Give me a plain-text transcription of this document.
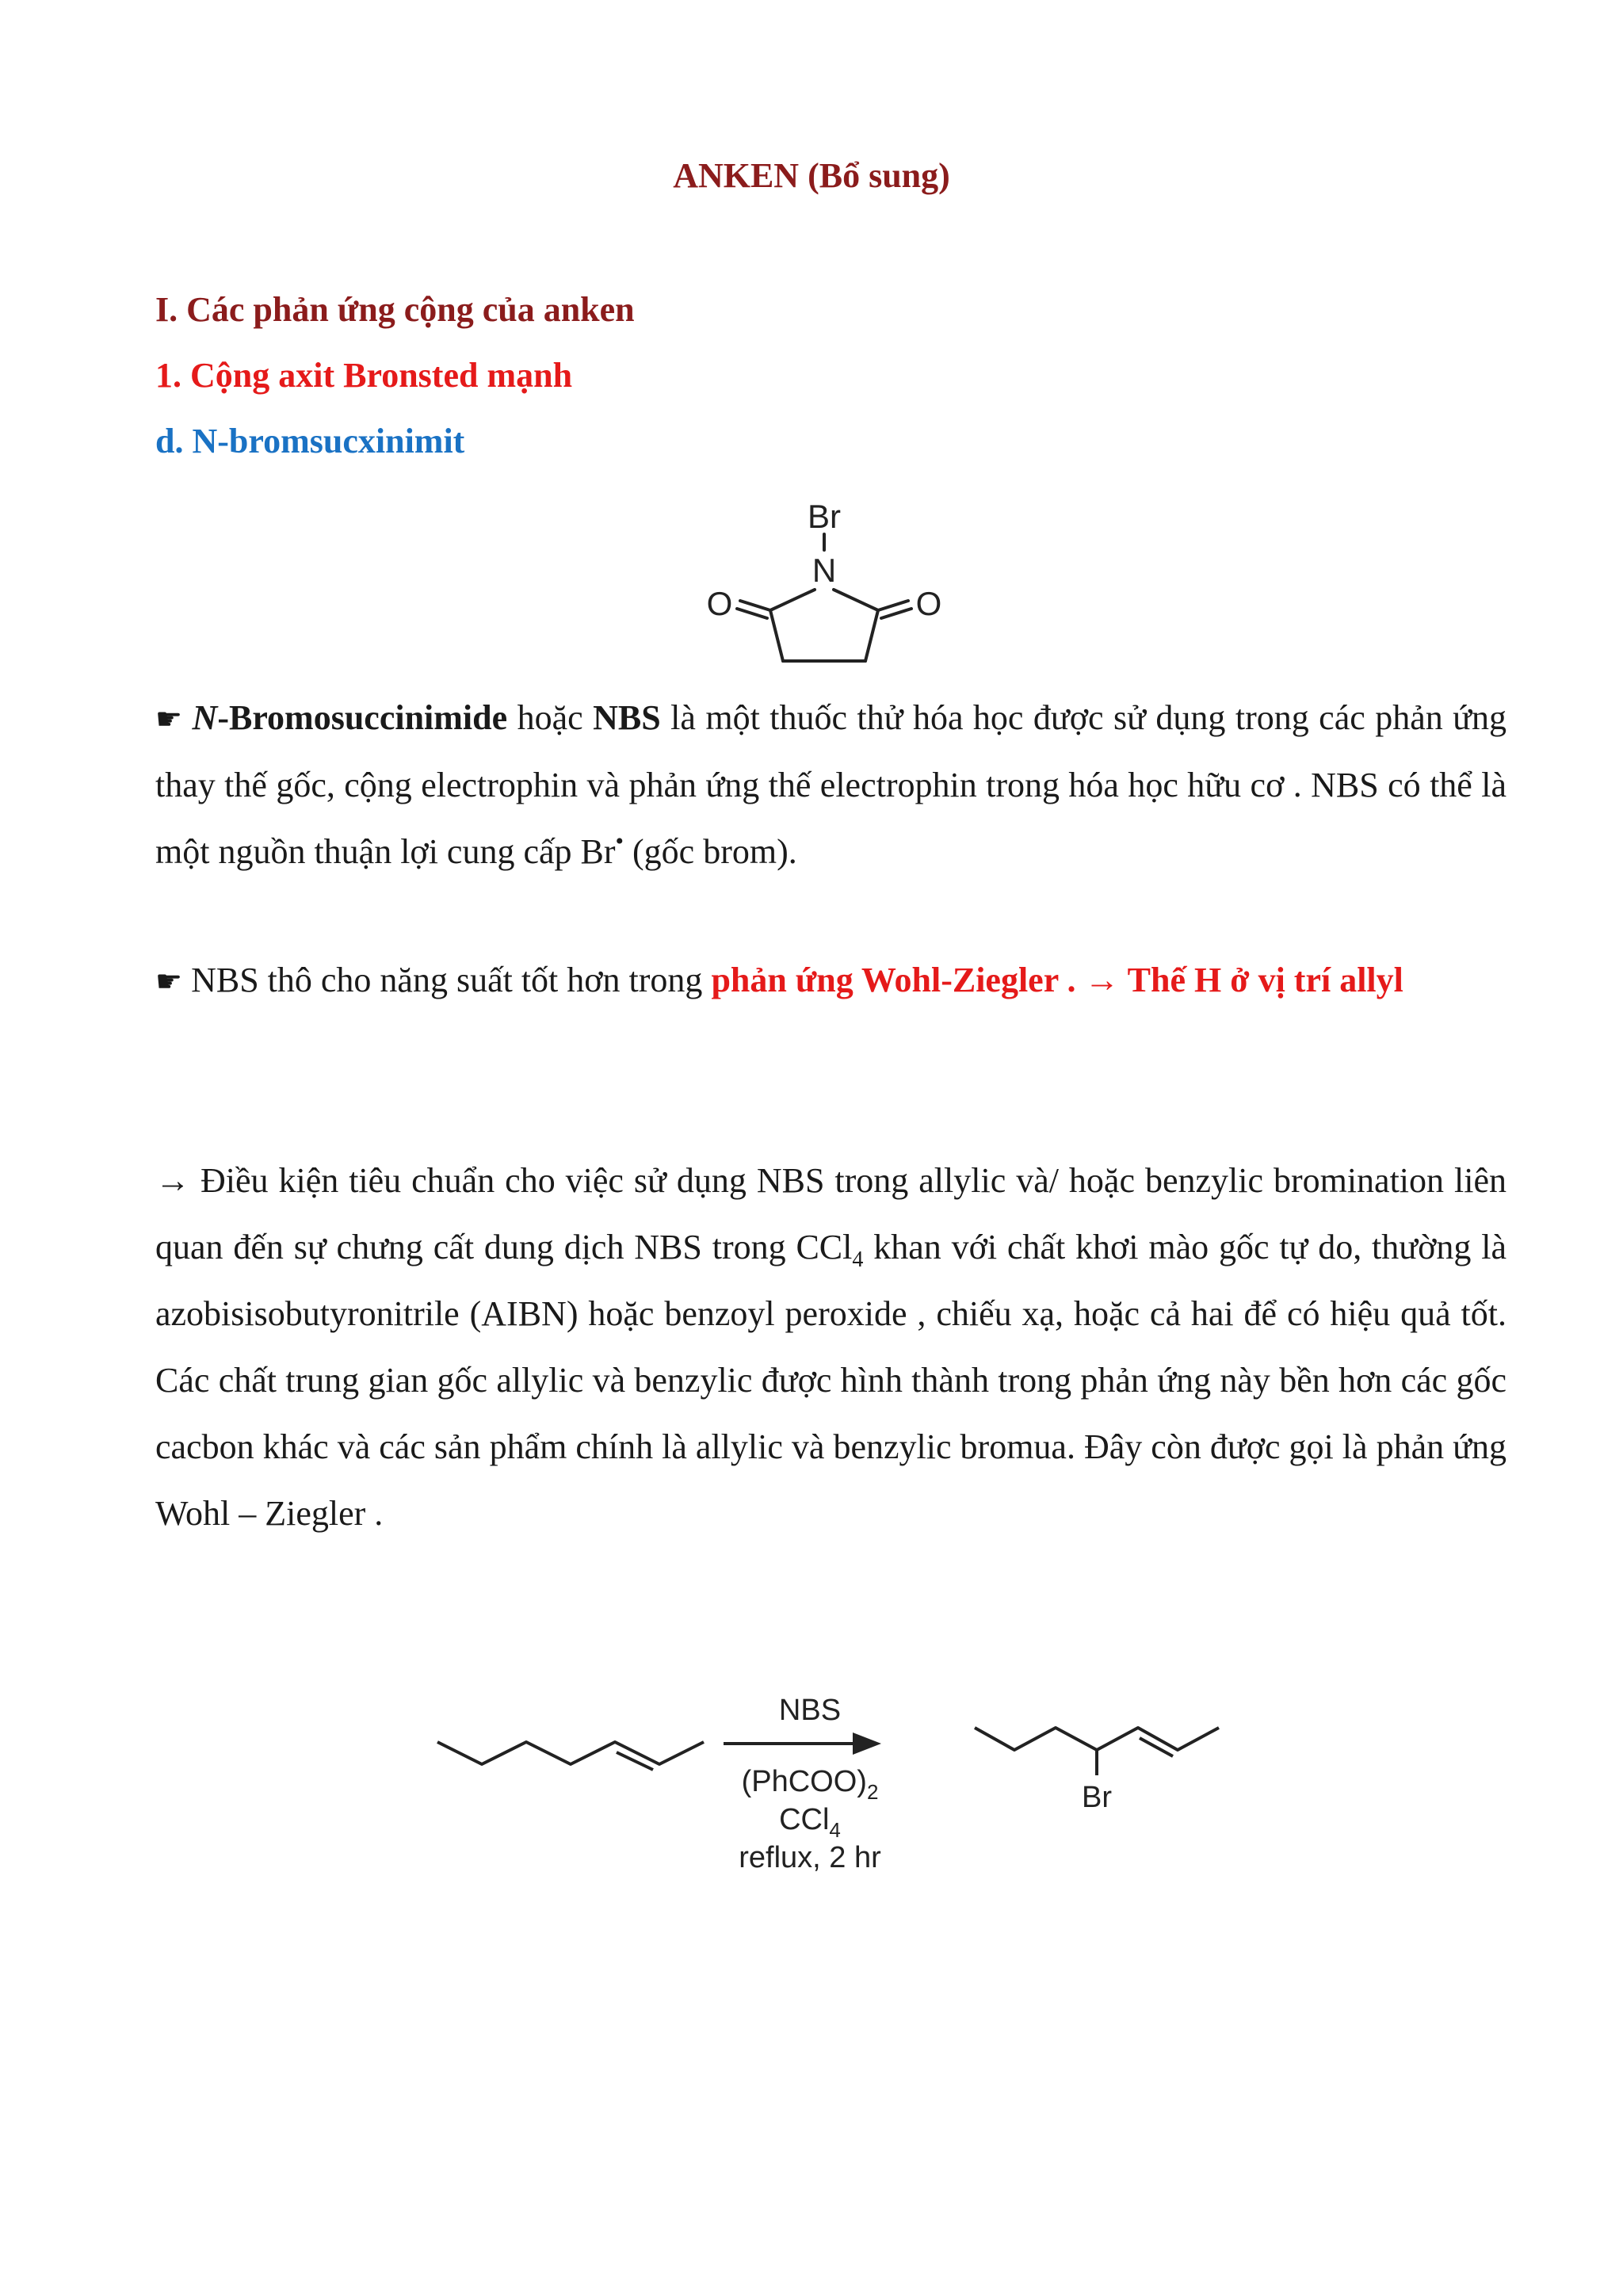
ANKEN (Bổ sung)
I. Các phản ứng cộng của anken
1. Cộng axit Bronsted mạnh
d. N-bromsucxinimit
Br
N
O	O

☛ N-Bromosuccinimide hoặc NBS là một thuốc thử hóa học được sử dụng trong các phản ứng thay thế gốc, cộng electrophin và phản ứng thế electrophin trong hóa học hữu cơ . NBS có thể là một nguồn thuận lợi cung cấp Br• (gốc brom).

☛ NBS thô cho năng suất tốt hơn trong phản ứng Wohl-Ziegler . → Thế H ở vị trí allyl

→ Điều kiện tiêu chuẩn cho việc sử dụng NBS trong allylic và/ hoặc benzylic bromination liên quan đến sự chưng cất dung dịch NBS trong CCl$_4$ khan với chất khơi mào gốc tự do, thường là azobisisobutyronitrile (AIBN) hoặc benzoyl peroxide , chiếu xạ, hoặc cả hai để có hiệu quả tốt. Các chất trung gian gốc allylic và benzylic được hình thành trong phản ứng này bền hơn các gốc cacbon khác và các sản phẩm chính là allylic và benzylic bromua. Đây còn được gọi là phản ứng Wohl – Ziegler .

NBS
$(PhCOO)_2$
CCl$_4$
reflux, 2 hr
Br
